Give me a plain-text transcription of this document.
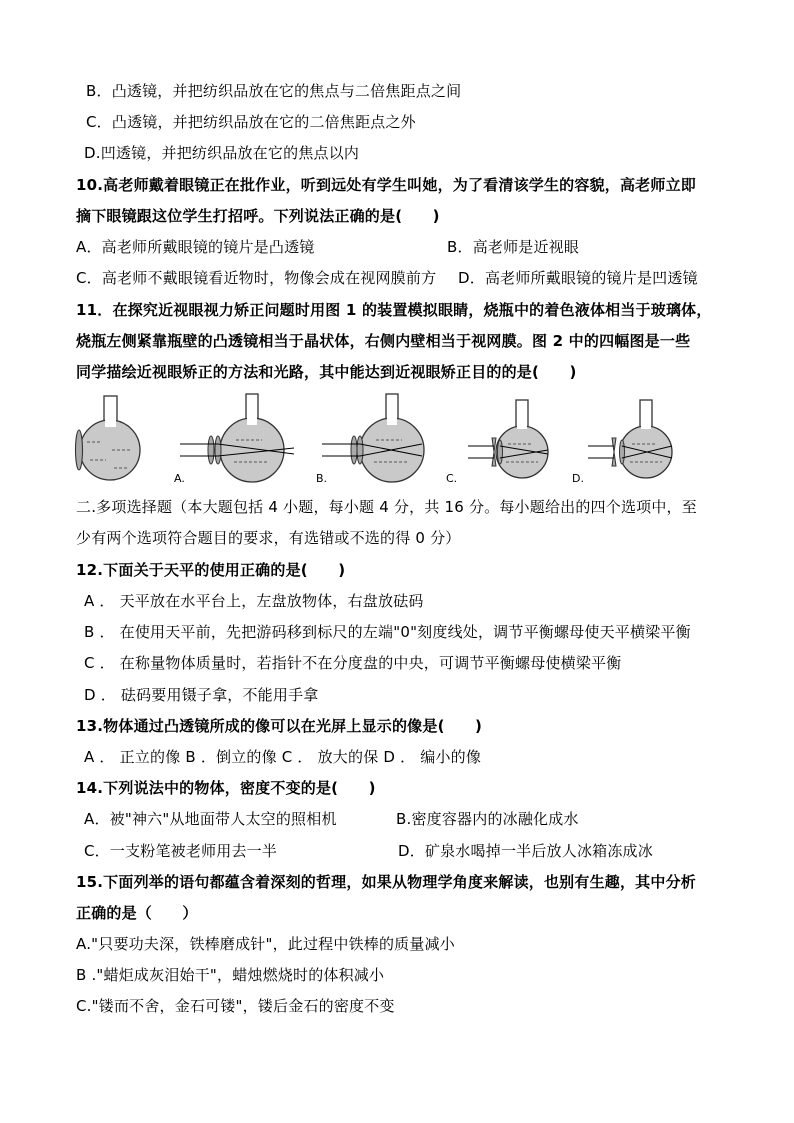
B．凸透镜，并把纺织品放在它的焦点与二倍焦距点之间
C．凸透镜，并把纺织品放在它的二倍焦距点之外
D.凹透镜，并把纺织品放在它的焦点以内
10.高老师戴着眼镜正在批作业，听到远处有学生叫她，为了看清该学生的容貌，高老师立即
摘下眼镜跟这位学生打招呼。下列说法正确的是(　　)
A．高老师所戴眼镜的镜片是凸透镜	B．高老师是近视眼
C．高老师不戴眼镜看近物时，物像会成在视网膜前方 D．高老师所戴眼镜的镜片是凹透镜
11．在探究近视眼视力矫正问题时用图 1 的装置模拟眼睛，烧瓶中的着色液体相当于玻璃体，
烧瓶左侧紧靠瓶壁的凸透镜相当于晶状体，右侧内壁相当于视网膜。图 2 中的四幅图是一些
同学描绘近视眼矫正的方法和光路，其中能达到近视眼矫正目的的是(　　)
A.	B.	C.	D.
二.多项选择题（本大题包括 4 小题，每小题 4 分，共 16 分。每小题给出的四个选项中，至
少有两个选项符合题目的要求，有选错或不选的得 0 分）
12.下面关于天平的使用正确的是(　　)
A ． 天平放在水平台上，左盘放物体，右盘放砝码
B ． 在使用天平前，先把游码移到标尺的左端"0"刻度线处，调节平衡螺母使天平横梁平衡
C ． 在称量物体质量时，若指针不在分度盘的中央，可调节平衡螺母使横梁平衡
D ． 砝码要用镊子拿，不能用手拿
13.物体通过凸透镜所成的像可以在光屏上显示的像是(　　)
A ． 正立的像 B ．倒立的像 C ． 放大的保 D ． 编小的像
14.下列说法中的物体，密度不变的是(　　)
A．被"神六"从地面带人太空的照相机	B.密度容器内的冰融化成水
C．一支粉笔被老师用去一半	D．矿泉水喝掉一半后放人冰箱冻成冰
15.下面列举的语句都蕴含着深刻的哲理，如果从物理学角度来解读，也别有生趣，其中分析
正确的是（　　）
A."只要功夫深，铁棒磨成针"，此过程中铁棒的质量减小
B ."蜡炬成灰泪始干"，蜡烛燃烧时的体积减小
C."镂而不舍，金石可镂"，镂后金石的密度不变
